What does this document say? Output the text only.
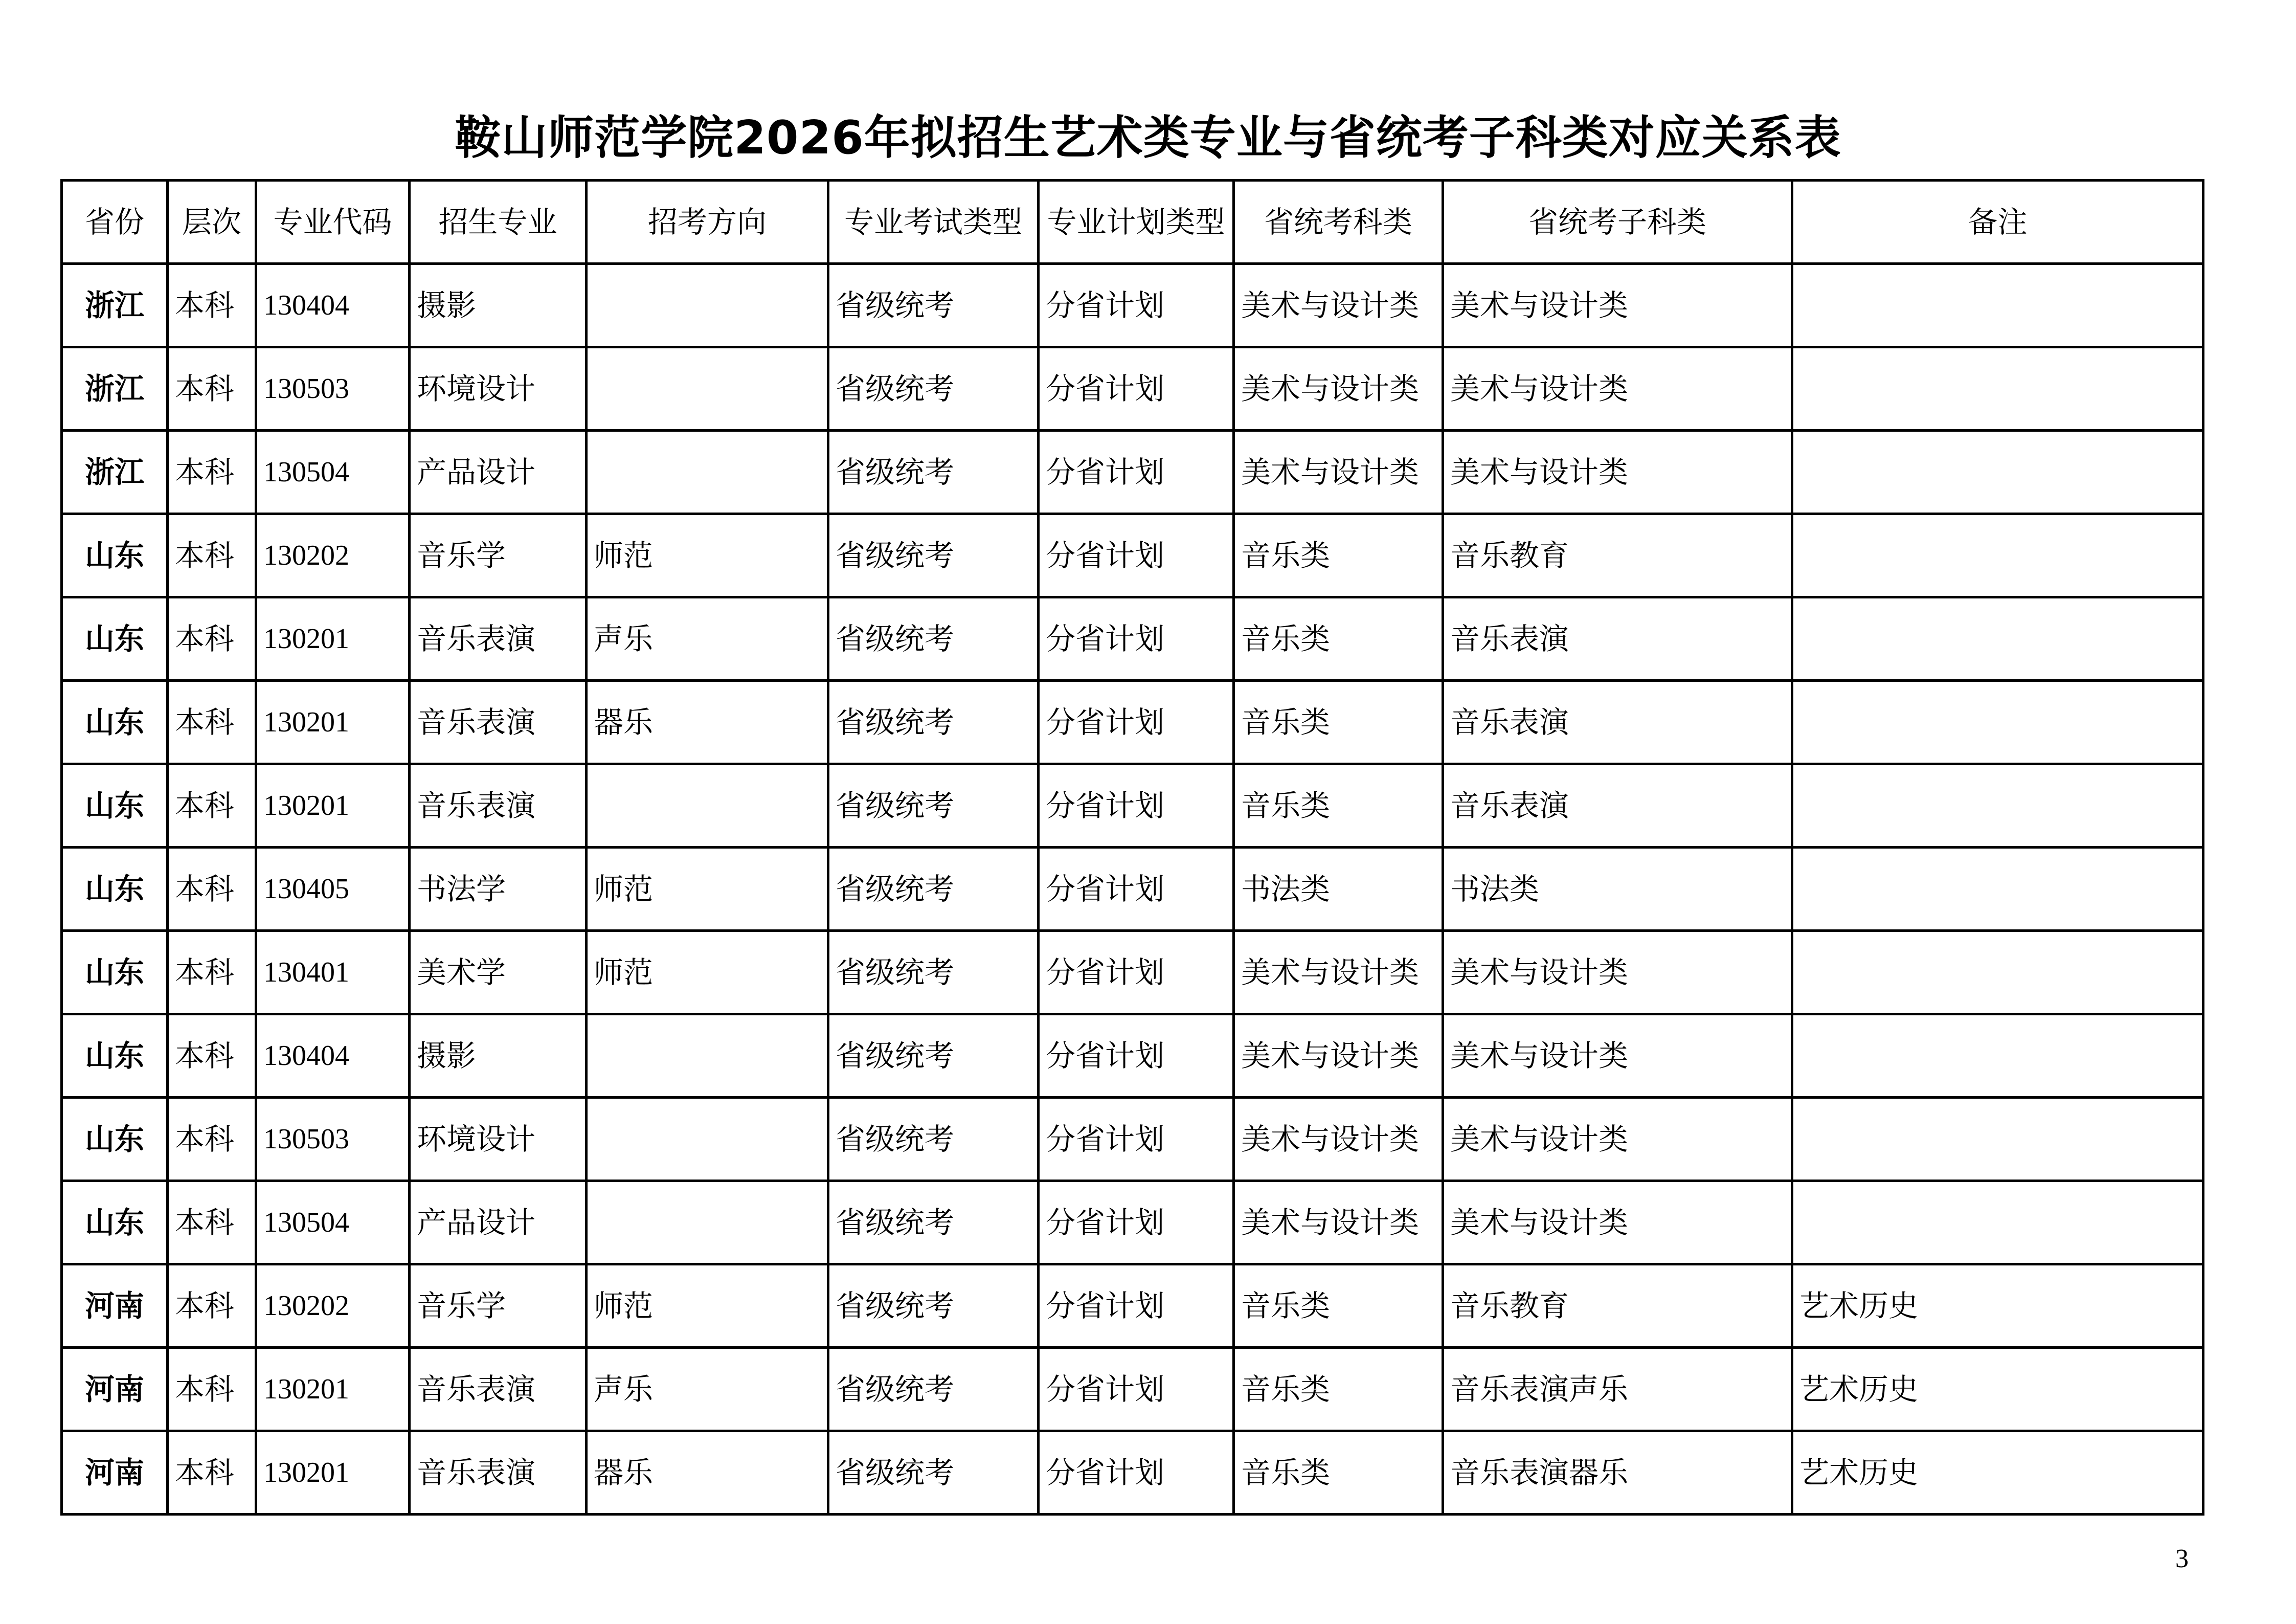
鞍山师范学院2026年拟招生艺术类专业与省统考子科类对应关系表
省份	层次	专业代码	招生专业	招考方向	专业考试类型	专业计划类型	省统考科类	省统考子科类	备注
浙江	本科	130404	摄影		省级统考	分省计划	美术与设计类	美术与设计类	
浙江	本科	130503	环境设计		省级统考	分省计划	美术与设计类	美术与设计类	
浙江	本科	130504	产品设计		省级统考	分省计划	美术与设计类	美术与设计类	
山东	本科	130202	音乐学	师范	省级统考	分省计划	音乐类	音乐教育	
山东	本科	130201	音乐表演	声乐	省级统考	分省计划	音乐类	音乐表演	
山东	本科	130201	音乐表演	器乐	省级统考	分省计划	音乐类	音乐表演	
山东	本科	130201	音乐表演		省级统考	分省计划	音乐类	音乐表演	
山东	本科	130405	书法学	师范	省级统考	分省计划	书法类	书法类	
山东	本科	130401	美术学	师范	省级统考	分省计划	美术与设计类	美术与设计类	
山东	本科	130404	摄影		省级统考	分省计划	美术与设计类	美术与设计类	
山东	本科	130503	环境设计		省级统考	分省计划	美术与设计类	美术与设计类	
山东	本科	130504	产品设计		省级统考	分省计划	美术与设计类	美术与设计类	
河南	本科	130202	音乐学	师范	省级统考	分省计划	音乐类	音乐教育	艺术历史
河南	本科	130201	音乐表演	声乐	省级统考	分省计划	音乐类	音乐表演声乐	艺术历史
河南	本科	130201	音乐表演	器乐	省级统考	分省计划	音乐类	音乐表演器乐	艺术历史
3
